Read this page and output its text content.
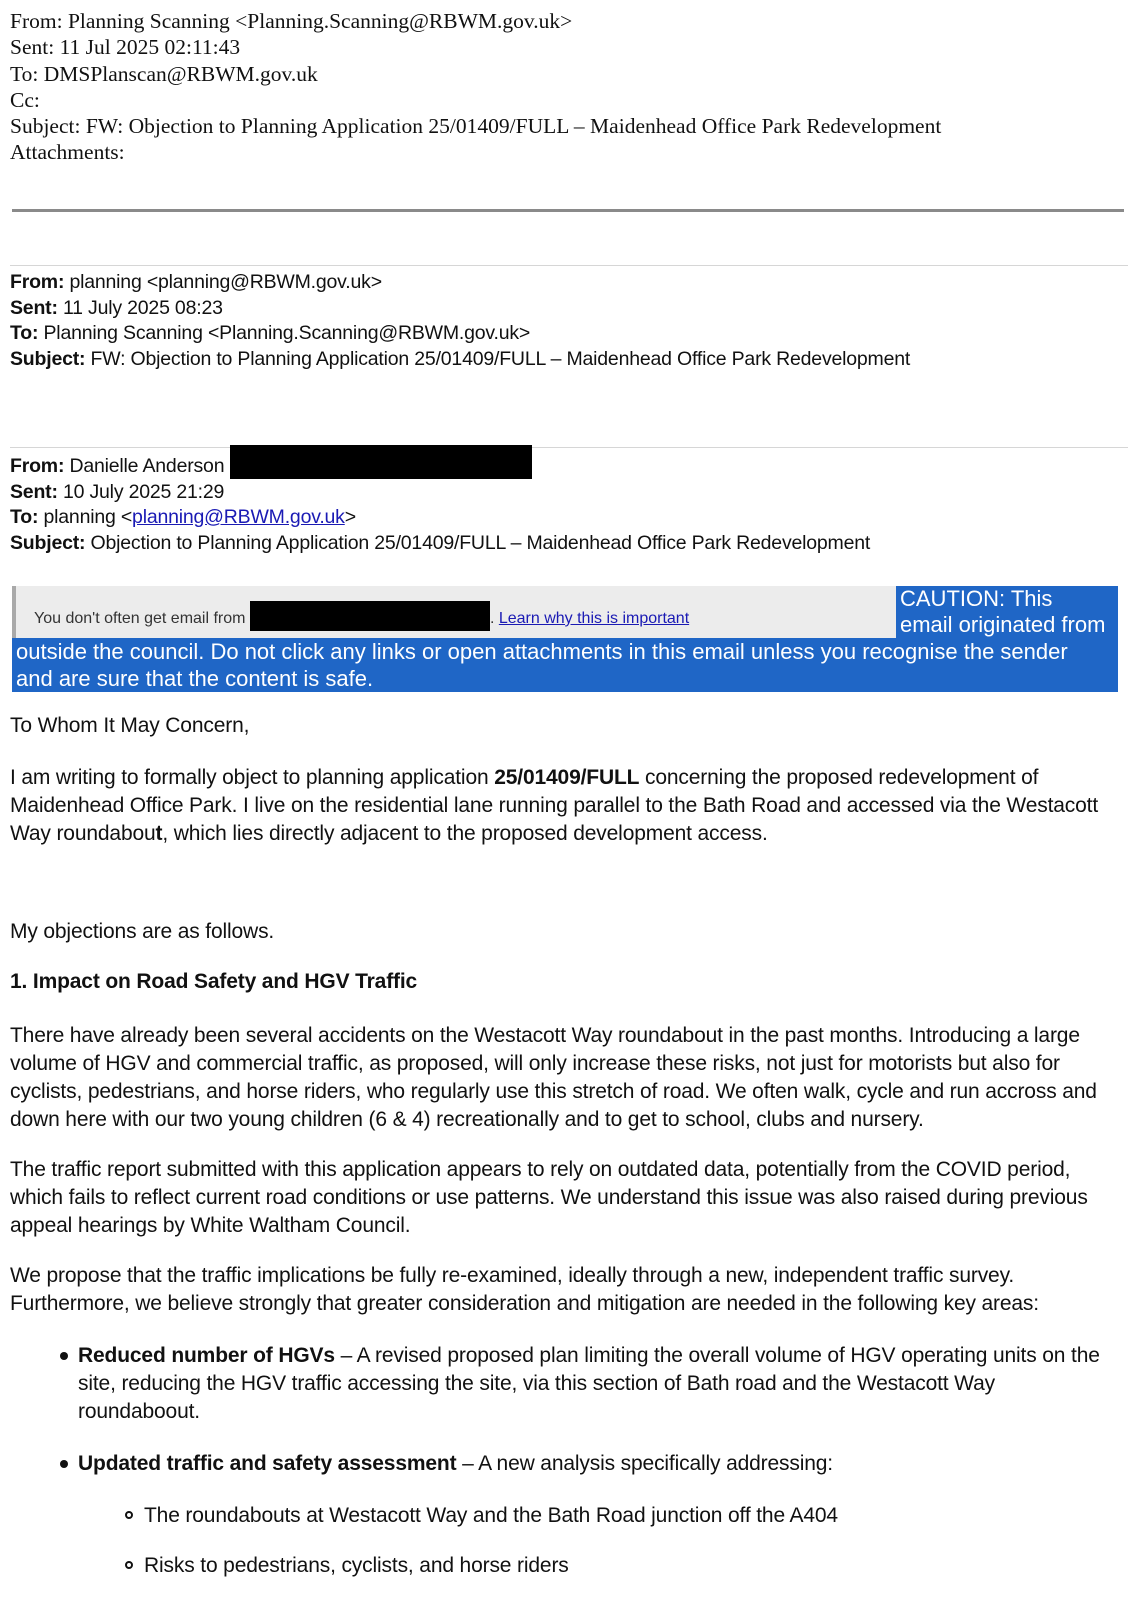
From: Planning Scanning <Planning.Scanning@RBWM.gov.uk>
Sent: 11 Jul 2025 02:11:43
To: DMSPlanscan@RBWM.gov.uk
Cc:
Subject: FW: Objection to Planning Application 25/01409/FULL – Maidenhead Office Park Redevelopment
Attachments:
From: planning <planning@RBWM.gov.uk>
Sent: 11 July 2025 08:23
To: Planning Scanning <Planning.Scanning@RBWM.gov.uk>
Subject: FW: Objection to Planning Application 25/01409/FULL – Maidenhead Office Park Redevelopment
From: Danielle Anderson
Sent: 10 July 2025 21:29
To: planning <planning@RBWM.gov.uk>
Subject: Objection to Planning Application 25/01409/FULL – Maidenhead Office Park Redevelopment
You don't often get email from	. Learn why this is important
CAUTION: This
email originated from
outside the council. Do not click any links or open attachments in this email unless you recognise the sender
and are sure that the content is safe.
To Whom It May Concern,
I am writing to formally object to planning application 25/01409/FULL concerning the proposed redevelopment of
Maidenhead Office Park. I live on the residential lane running parallel to the Bath Road and accessed via the Westacott
Way roundabout, which lies directly adjacent to the proposed development access.
My objections are as follows.
1. Impact on Road Safety and HGV Traffic
There have already been several accidents on the Westacott Way roundabout in the past months. Introducing a large
volume of HGV and commercial traffic, as proposed, will only increase these risks, not just for motorists but also for
cyclists, pedestrians, and horse riders, who regularly use this stretch of road. We often walk, cycle and run accross and
down here with our two young children (6 & 4) recreationally and to get to school, clubs and nursery.
The traffic report submitted with this application appears to rely on outdated data, potentially from the COVID period,
which fails to reflect current road conditions or use patterns. We understand this issue was also raised during previous
appeal hearings by White Waltham Council.
We propose that the traffic implications be fully re-examined, ideally through a new, independent traffic survey.
Furthermore, we believe strongly that greater consideration and mitigation are needed in the following key areas:
Reduced number of HGVs – A revised proposed plan limiting the overall volume of HGV operating units on the
site, reducing the HGV traffic accessing the site, via this section of Bath road and the Westacott Way
roundaboout.
Updated traffic and safety assessment – A new analysis specifically addressing:
The roundabouts at Westacott Way and the Bath Road junction off the A404
Risks to pedestrians, cyclists, and horse riders
